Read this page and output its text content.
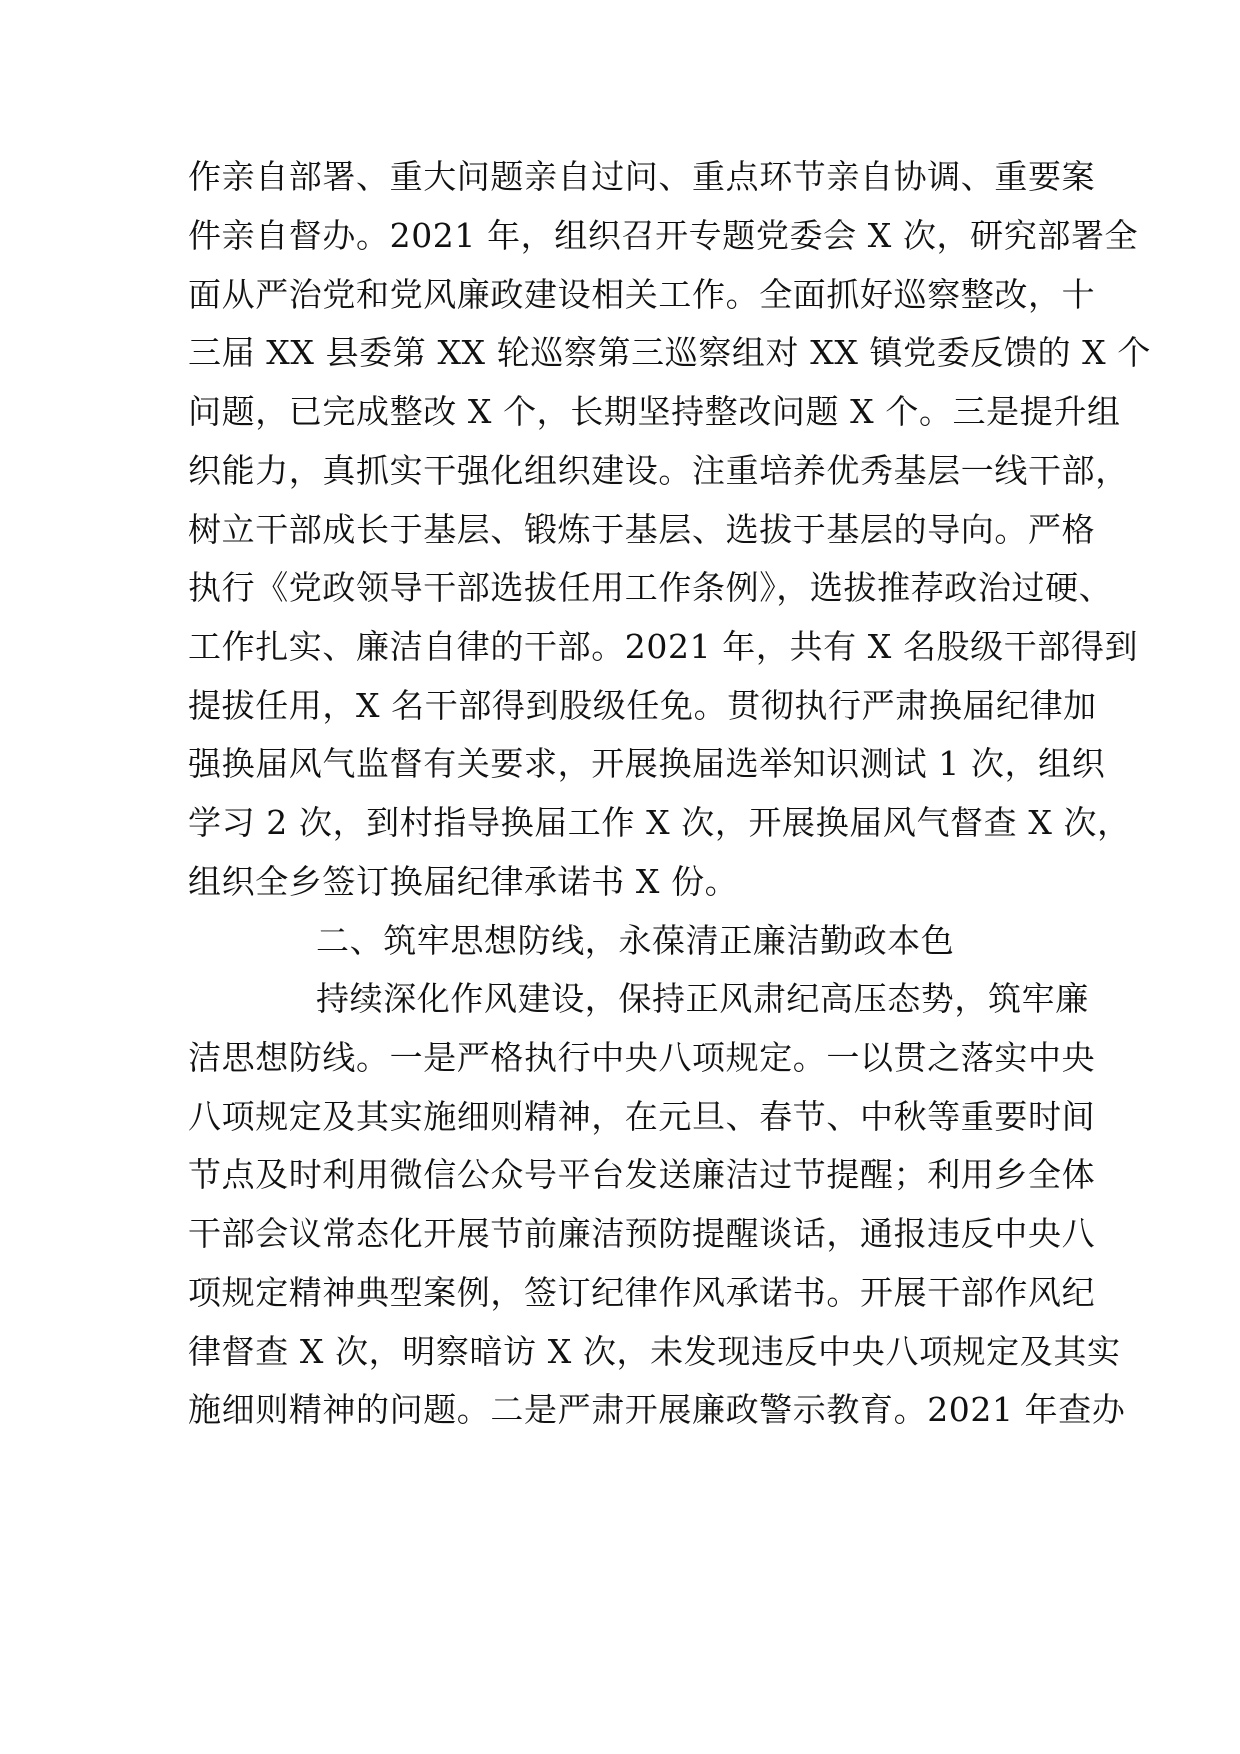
作亲自部署、重大问题亲自过问、重点环节亲自协调、重要案
件亲自督办。2021 年，组织召开专题党委会 X 次，研究部署全
面从严治党和党风廉政建设相关工作。全面抓好巡察整改，十
三届 XX 县委第 XX 轮巡察第三巡察组对 XX 镇党委反馈的 X 个
问题，已完成整改 X 个，长期坚持整改问题 X 个。三是提升组
织能力，真抓实干强化组织建设。注重培养优秀基层一线干部，
树立干部成长于基层、锻炼于基层、选拔于基层的导向。严格
执行《党政领导干部选拔任用工作条例》，选拔推荐政治过硬、
工作扎实、廉洁自律的干部。2021 年，共有 X 名股级干部得到
提拔任用，X 名干部得到股级任免。贯彻执行严肃换届纪律加
强换届风气监督有关要求，开展换届选举知识测试 1 次，组织
学习 2 次，到村指导换届工作 X 次，开展换届风气督查 X 次，
组织全乡签订换届纪律承诺书 X 份。
二、筑牢思想防线，永葆清正廉洁勤政本色
持续深化作风建设，保持正风肃纪高压态势，筑牢廉
洁思想防线。一是严格执行中央八项规定。一以贯之落实中央
八项规定及其实施细则精神，在元旦、春节、中秋等重要时间
节点及时利用微信公众号平台发送廉洁过节提醒；利用乡全体
干部会议常态化开展节前廉洁预防提醒谈话，通报违反中央八
项规定精神典型案例，签订纪律作风承诺书。开展干部作风纪
律督查 X 次，明察暗访 X 次，未发现违反中央八项规定及其实
施细则精神的问题。二是严肃开展廉政警示教育。2021 年查办
